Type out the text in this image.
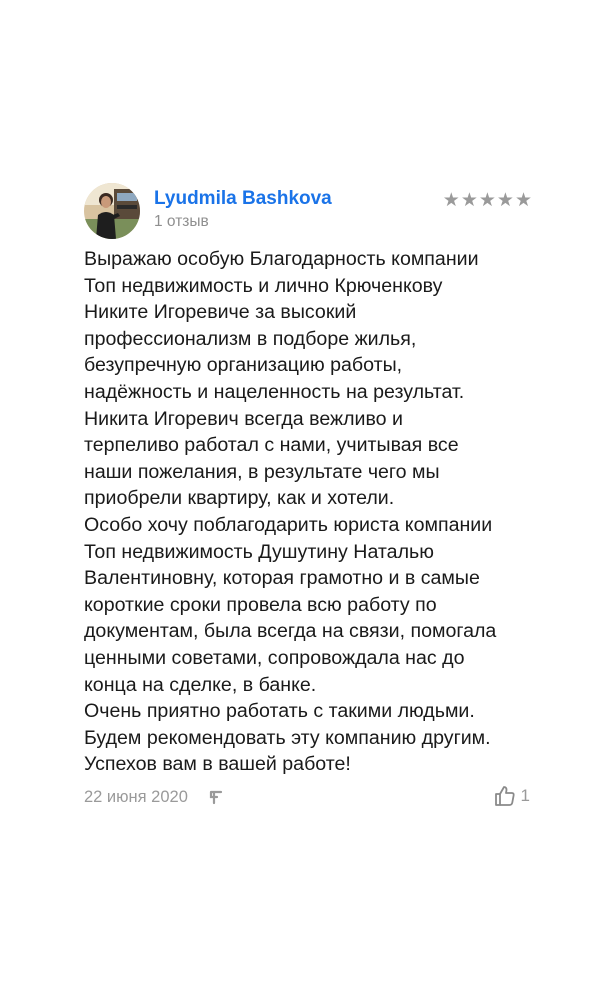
Lyudmila Bashkova
1 отзыв
★ ★ ★ ★ ★
Выражаю особую Благодарность компании
Топ недвижимость и лично Крюченкову
Никите Игоревиче за высокий
профессионализм в подборе жилья,
безупречную организацию работы,
надёжность и нацеленность на результат.
Никита Игоревич всегда вежливо и
терпеливо работал с нами, учитывая все
наши пожелания, в результате чего мы
приобрели квартиру, как и хотели.
Особо хочу поблагодарить юриста компании
Топ недвижимость Душутину Наталью
Валентиновну, которая грамотно и в самые
короткие сроки провела всю работу по
документам, была всегда на связи, помогала
ценными советами, сопровождала нас до
конца на сделке, в банке.
Очень приятно работать с такими людьми.
Будем рекомендовать эту компанию другим.
Успехов вам в вашей работе!
22 июня 2020	1
